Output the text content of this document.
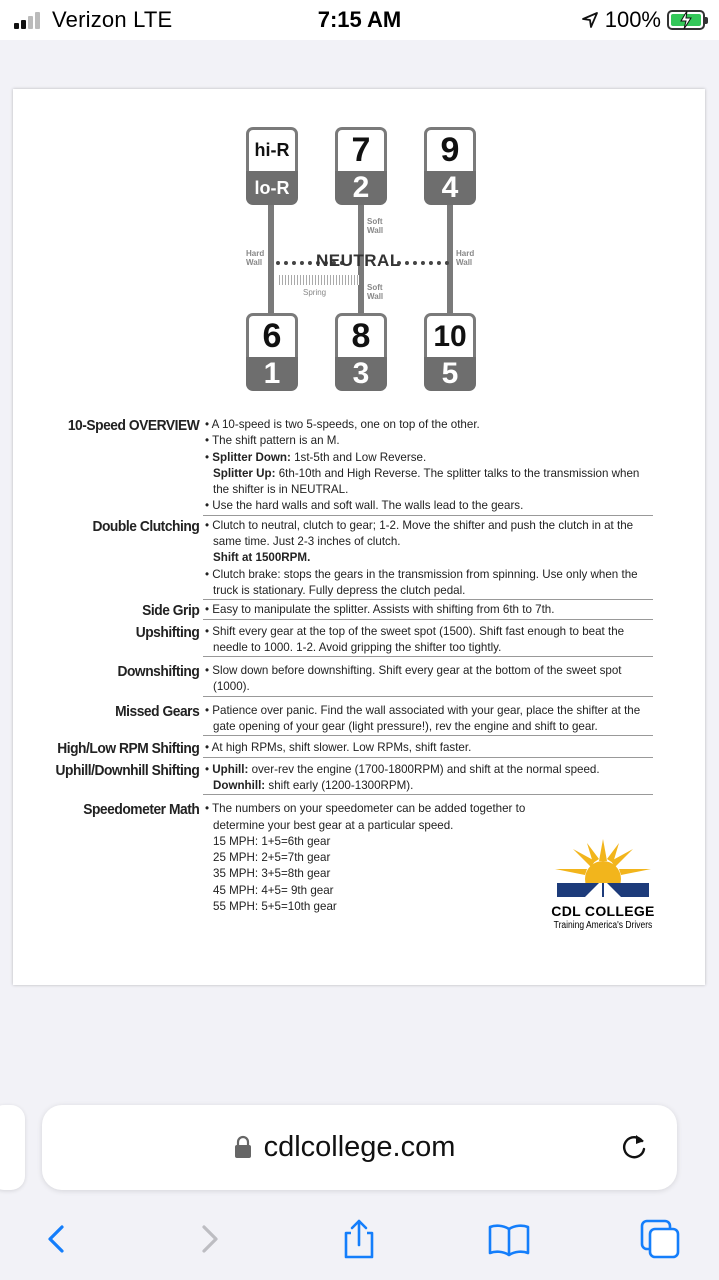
Verizon LTE	7:15 AM	100%
hi-R
lo-R
7
2
9
4
6
1
8
3
10
5
NEUTRAL
Hard
Wall
Hard
Wall
Soft
Wall
Soft
Wall
Spring
10-Speed OVERVIEW • A 10-speed is two 5-speeds, one on top of the other.
• The shift pattern is an M.
• Splitter Down: 1st-5th and Low Reverse.
Splitter Up: 6th-10th and High Reverse. The splitter talks to the transmission when the shifter is in NEUTRAL.
• Use the hard walls and soft wall. The walls lead to the gears.
Double Clutching • Clutch to neutral, clutch to gear; 1-2. Move the shifter and push the clutch in at the same time. Just 2-3 inches of clutch.
Shift at 1500RPM.
• Clutch brake: stops the gears in the transmission from spinning. Use only when the truck is stationary. Fully depress the clutch pedal.
Side Grip • Easy to manipulate the splitter. Assists with shifting from 6th to 7th.
Upshifting • Shift every gear at the top of the sweet spot (1500). Shift fast enough to beat the needle to 1000. 1-2. Avoid gripping the shifter too tightly.
Downshifting • Slow down before downshifting. Shift every gear at the bottom of the sweet spot (1000).
Missed Gears • Patience over panic. Find the wall associated with your gear, place the shifter at the gate opening of your gear (light pressure!), rev the engine and shift to gear.
High/Low RPM Shifting • At high RPMs, shift slower. Low RPMs, shift faster.
Uphill/Downhill Shifting • Uphill: over-rev the engine (1700-1800RPM) and shift at the normal speed.
Downhill: shift early (1200-1300RPM).
Speedometer Math • The numbers on your speedometer can be added together to determine your best gear at a particular speed.
15 MPH: 1+5=6th gear
25 MPH: 2+5=7th gear
35 MPH: 3+5=8th gear
45 MPH: 4+5= 9th gear
55 MPH: 5+5=10th gear	CDL COLLEGE
Training America's Drivers
cdlcollege.com
